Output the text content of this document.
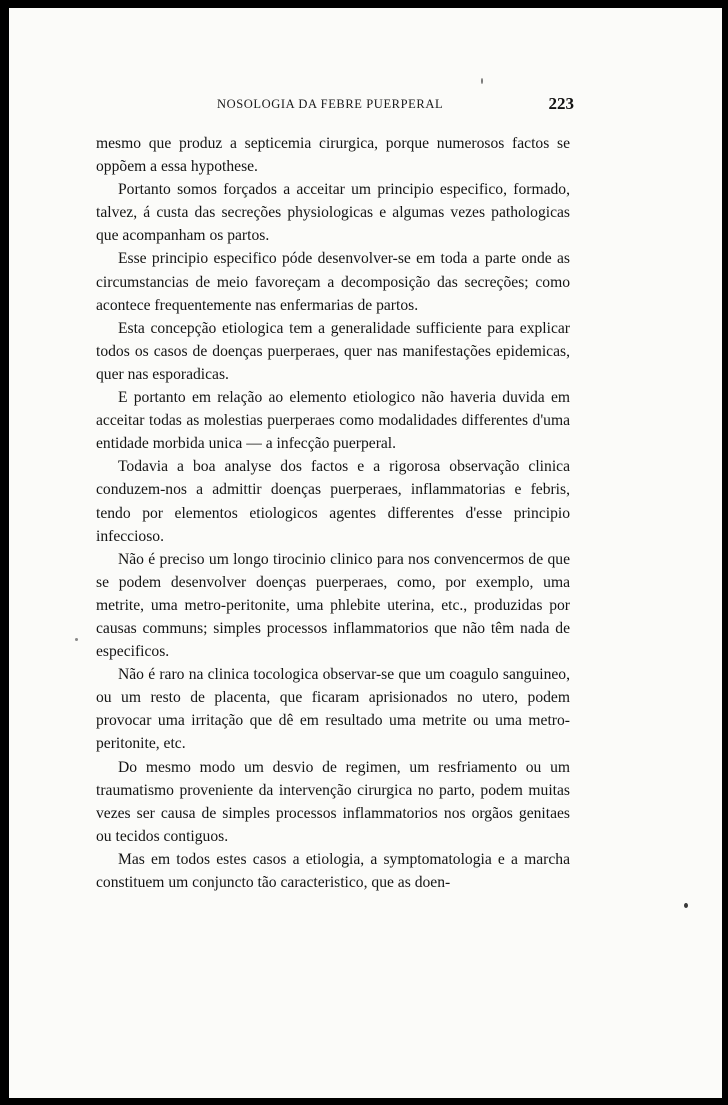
NOSOLOGIA DA FEBRE PUERPERAL	223

mesmo que produz a septicemia cirurgica, porque numerosos factos se oppõem a essa hypothese.

Portanto somos forçados a acceitar um principio especifico, formado, talvez, á custa das secreções physiologicas e algumas vezes pathologicas que acompanham os partos.

Esse principio especifico póde desenvolver-se em toda a parte onde as circumstancias de meio favoreçam a decomposição das secreções; como acontece frequentemente nas enfermarias de partos.

Esta concepção etiologica tem a generalidade sufficiente para explicar todos os casos de doenças puerperaes, quer nas manifestações epidemicas, quer nas esporadicas.

E portanto em relação ao elemento etiologico não haveria duvida em acceitar todas as molestias puerperaes como modalidades differentes d'uma entidade morbida unica — a infecção puerperal.

Todavia a boa analyse dos factos e a rigorosa observação clinica conduzem-nos a admittir doenças puerperaes, inflammatorias e febris, tendo por elementos etiologicos agentes differentes d'esse principio infeccioso.

Não é preciso um longo tirocinio clinico para nos convencermos de que se podem desenvolver doenças puerperaes, como, por exemplo, uma metrite, uma metro-peritonite, uma phlebite uterina, etc., produzidas por causas communs; simples processos inflammatorios que não têm nada de especificos.

Não é raro na clinica tocologica observar-se que um coagulo sanguineo, ou um resto de placenta, que ficaram aprisionados no utero, podem provocar uma irritação que dê em resultado uma metrite ou uma metro-peritonite, etc.

Do mesmo modo um desvio de regimen, um resfriamento ou um traumatismo proveniente da intervenção cirurgica no parto, podem muitas vezes ser causa de simples processos inflammatorios nos orgãos genitaes ou tecidos contiguos.

Mas em todos estes casos a etiologia, a symptomatologia e a marcha constituem um conjuncto tão caracteristico, que as doen-
